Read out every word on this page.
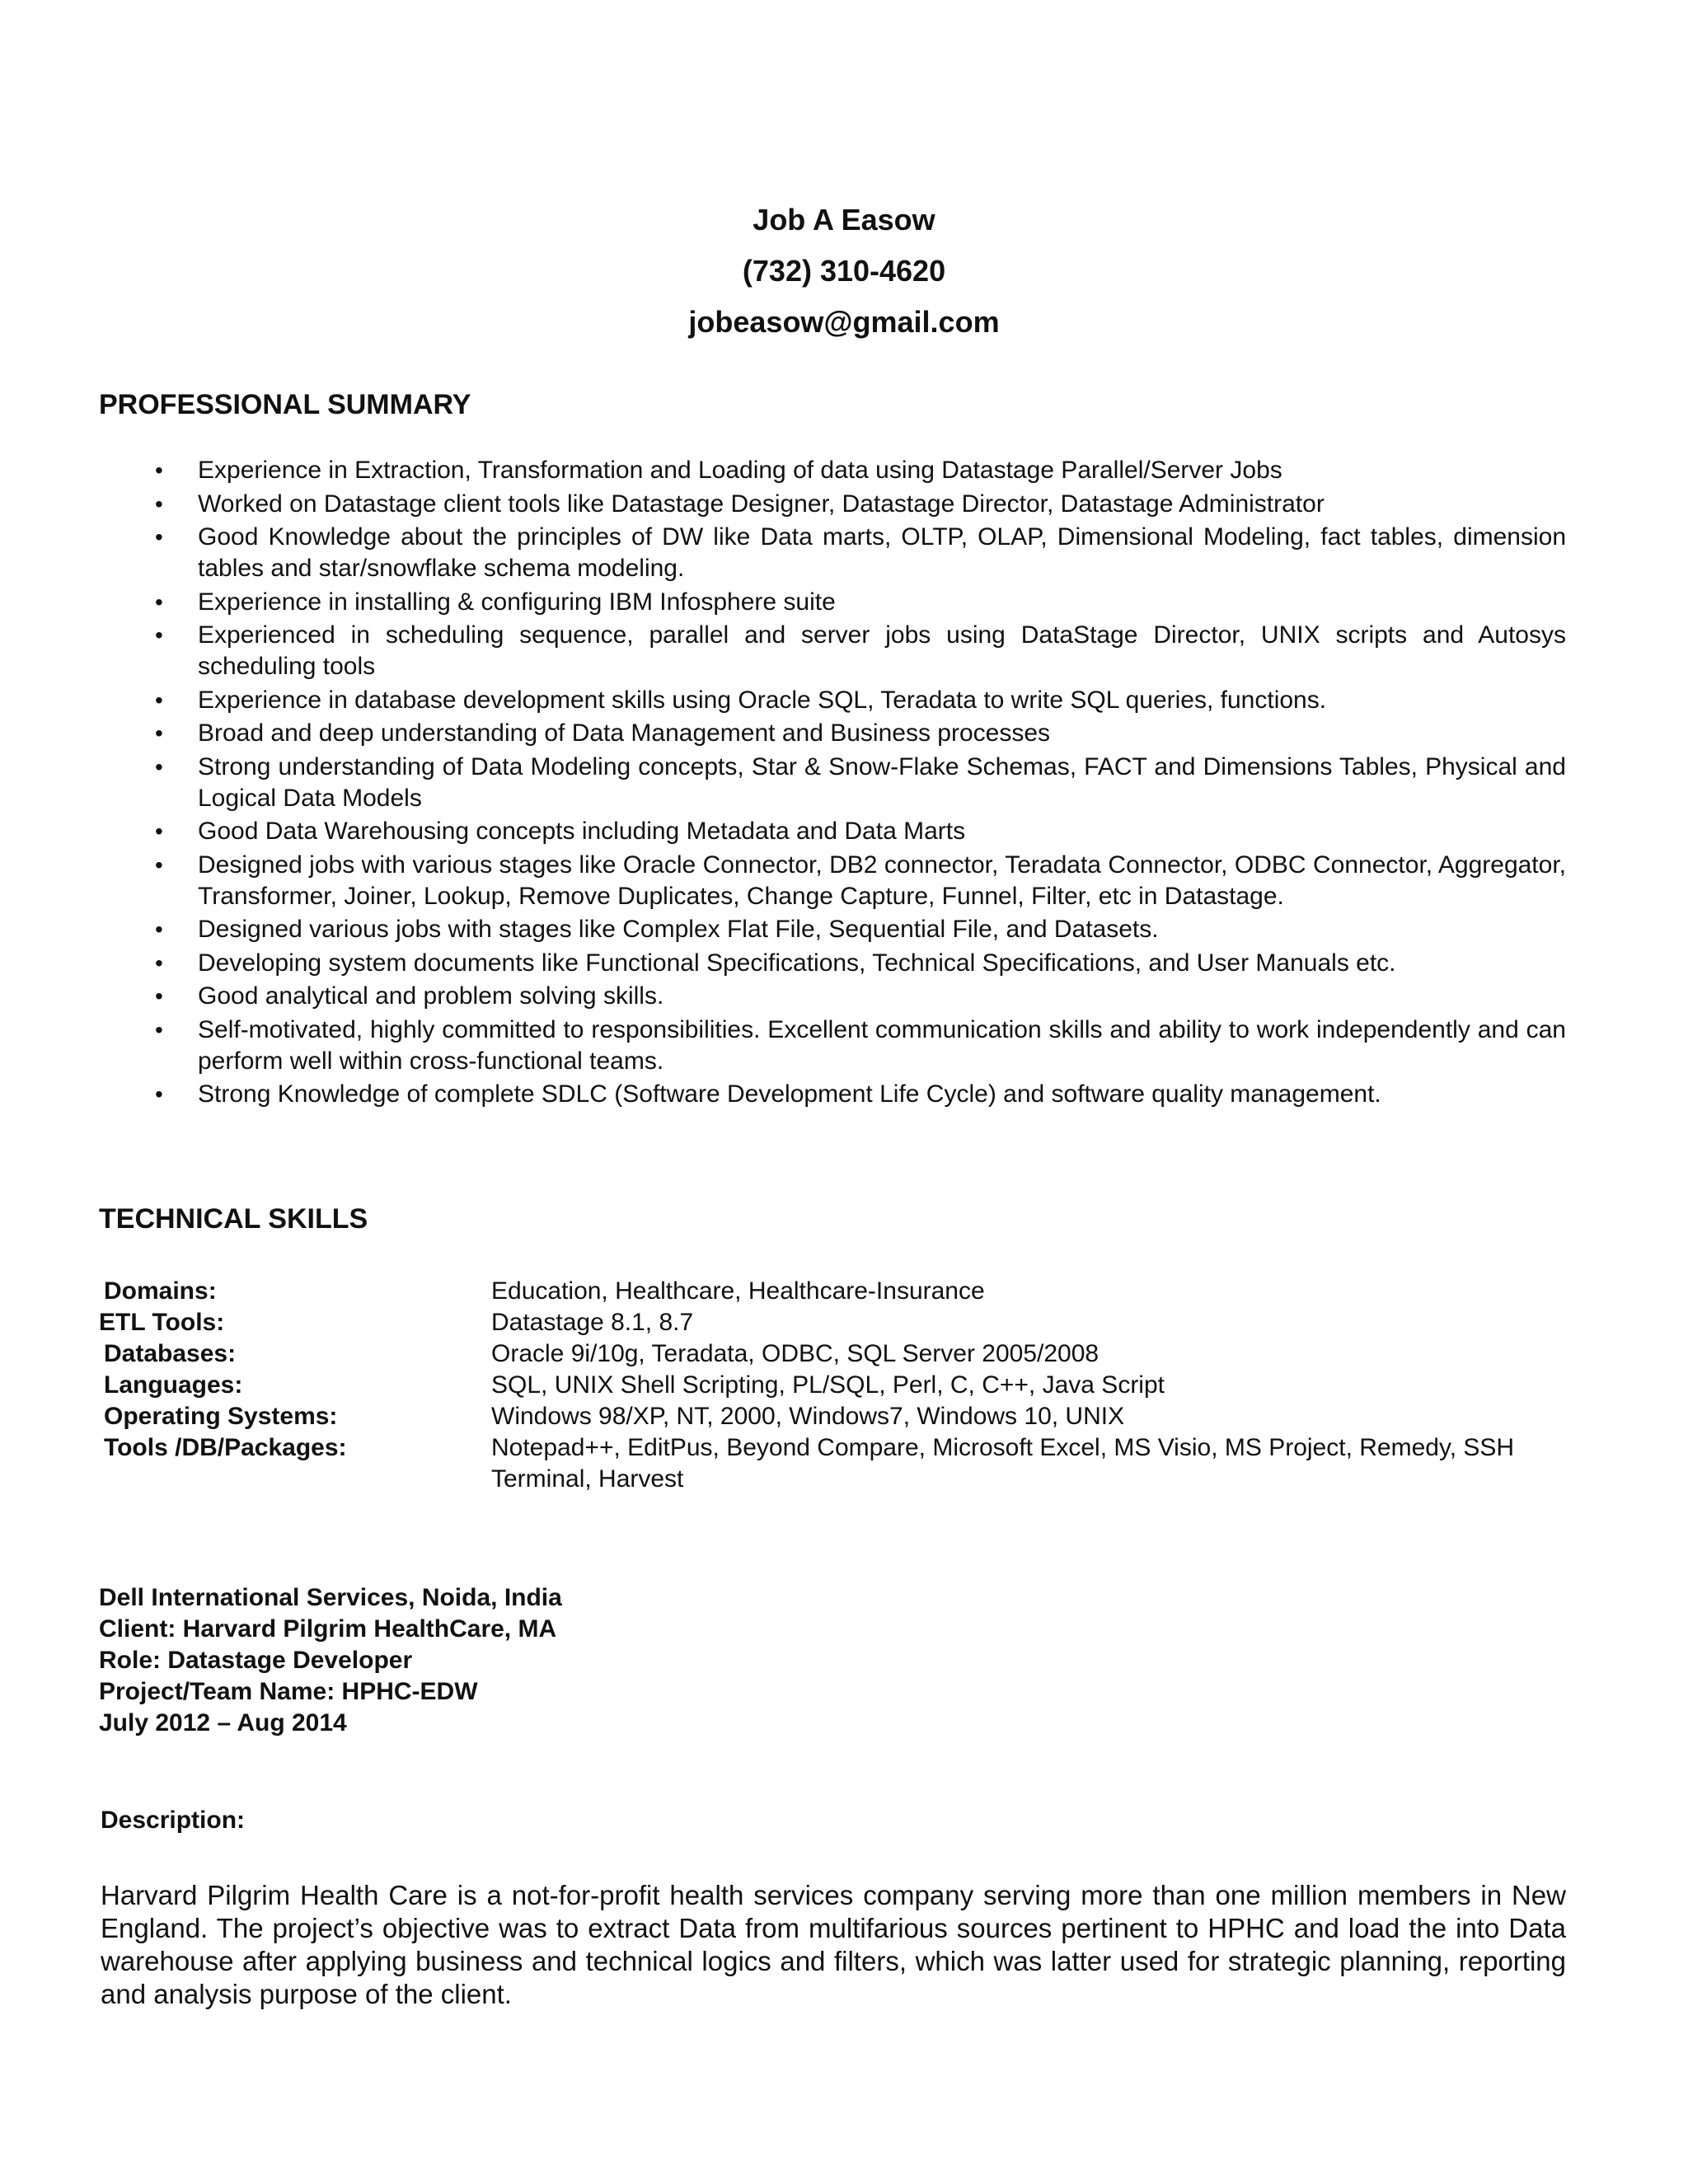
Job A Easow
(732) 310-4620
jobeasow@gmail.com
PROFESSIONAL SUMMARY
• Experience in Extraction, Transformation and Loading of data using Datastage Parallel/Server Jobs
• Worked on Datastage client tools like Datastage Designer, Datastage Director, Datastage Administrator
• Good Knowledge about the principles of DW like Data marts, OLTP, OLAP, Dimensional Modeling, fact tables, dimension tables and star/snowflake schema modeling.
• Experience in installing & configuring IBM Infosphere suite
• Experienced in scheduling sequence, parallel and server jobs using DataStage Director, UNIX scripts and Autosys scheduling tools
• Experience in database development skills using Oracle SQL, Teradata to write SQL queries, functions.
• Broad and deep understanding of Data Management and Business processes
• Strong understanding of Data Modeling concepts, Star & Snow-Flake Schemas, FACT and Dimensions Tables, Physical and Logical Data Models
• Good Data Warehousing concepts including Metadata and Data Marts
• Designed jobs with various stages like Oracle Connector, DB2 connector, Teradata Connector, ODBC Connector, Aggregator, Transformer, Joiner, Lookup, Remove Duplicates, Change Capture, Funnel, Filter, etc in Datastage.
• Designed various jobs with stages like Complex Flat File, Sequential File, and Datasets.
• Developing system documents like Functional Specifications, Technical Specifications, and User Manuals etc.
• Good analytical and problem solving skills.
• Self-motivated, highly committed to responsibilities. Excellent communication skills and ability to work independently and can perform well within cross-functional teams.
• Strong Knowledge of complete SDLC (Software Development Life Cycle) and software quality management.
TECHNICAL SKILLS
Domains:	Education, Healthcare, Healthcare-Insurance
ETL Tools:	Datastage 8.1, 8.7
Databases:	Oracle 9i/10g, Teradata, ODBC, SQL Server 2005/2008
Languages:	SQL, UNIX Shell Scripting, PL/SQL, Perl, C, C++, Java Script
Operating Systems:	Windows 98/XP, NT, 2000, Windows7, Windows 10, UNIX
Tools /DB/Packages:	Notepad++, EditPus, Beyond Compare, Microsoft Excel, MS Visio, MS Project, Remedy, SSH Terminal, Harvest
Dell International Services, Noida, India
Client: Harvard Pilgrim HealthCare, MA
Role: Datastage Developer
Project/Team Name: HPHC-EDW
July 2012 – Aug 2014

Description:

Harvard Pilgrim Health Care is a not-for-profit health services company serving more than one million members in New England. The project’s objective was to extract Data from multifarious sources pertinent to HPHC and load the into Data warehouse after applying business and technical logics and filters, which was latter used for strategic planning, reporting and analysis purpose of the client.
